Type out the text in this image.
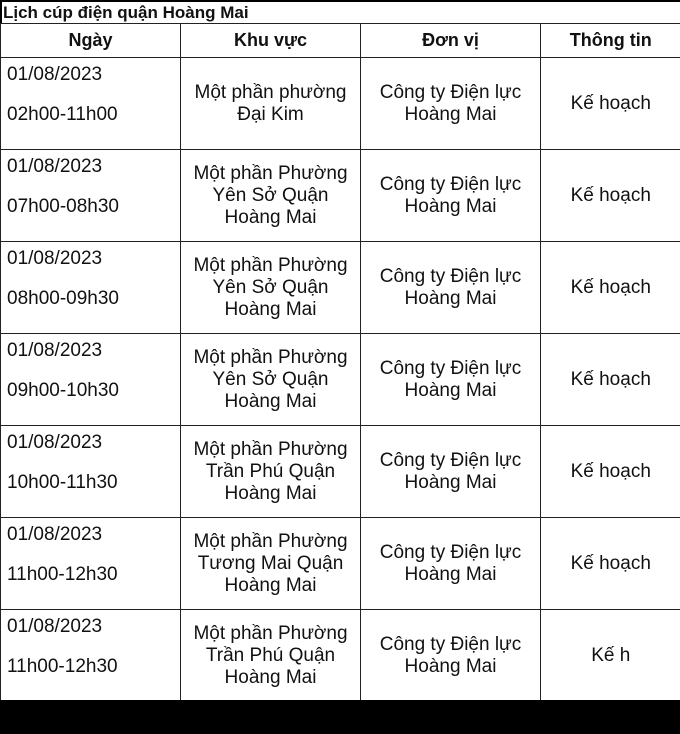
Lịch cúp điện quận Hoàng Mai
Ngày	Khu vực	Đơn vị	Thông tin

01/08/2023
02h00-11h00	Một phần phường Đại Kim	Công ty Điện lực Hoàng Mai	Kế hoạch

01/08/2023
07h00-08h30	Một phần Phường Yên Sở Quận Hoàng Mai	Công ty Điện lực Hoàng Mai	Kế hoạch

01/08/2023
08h00-09h30	Một phần Phường Yên Sở Quận Hoàng Mai	Công ty Điện lực Hoàng Mai	Kế hoạch

01/08/2023
09h00-10h30	Một phần Phường Yên Sở Quận Hoàng Mai	Công ty Điện lực Hoàng Mai	Kế hoạch

01/08/2023
10h00-11h30	Một phần Phường Trần Phú Quận Hoàng Mai	Công ty Điện lực Hoàng Mai	Kế hoạch

01/08/2023
11h00-12h30	Một phần Phường Tương Mai Quận Hoàng Mai	Công ty Điện lực Hoàng Mai	Kế hoạch

01/08/2023
11h00-12h30	Một phần Phường Trần Phú Quận Hoàng Mai	Công ty Điện lực Hoàng Mai	Kế h
